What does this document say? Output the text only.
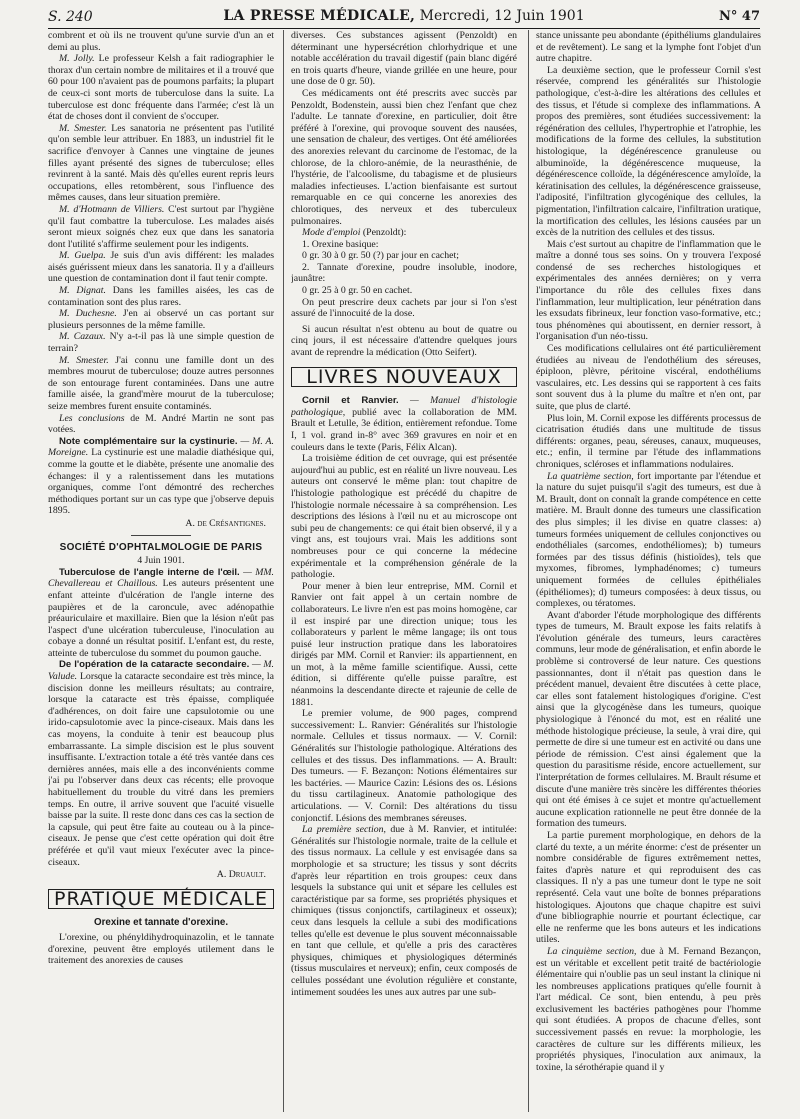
S. 240	LA PRESSE MÉDICALE, Mercredi, 12 Juin 1901	N° 47

combrent et où ils ne trouvent qu'une survie d'un an et demi au plus.

M. Jolly. Le professeur Kelsh a fait radiographier le thorax d'un certain nombre de militaires et il a trouvé que 60 pour 100 n'avaient pas de poumons parfaits; la plupart de ceux-ci sont morts de tuberculose dans la suite. La tuberculose est donc fréquente dans l'armée; c'est là un état de choses dont il convient de s'occuper.

M. Smester. Les sanatoria ne présentent pas l'utilité qu'on semble leur attribuer. En 1883, un industriel fit le sacrifice d'envoyer à Cannes une vingtaine de jeunes filles ayant présenté des signes de tuberculose; elles revinrent à la santé. Mais dès qu'elles eurent repris leurs occupations, elles retombèrent, sous l'influence des mêmes causes, dans leur situation première.

M. d'Hotmann de Villiers. C'est surtout par l'hygiène qu'il faut combattre la tuberculose. Les malades aisés seront mieux soignés chez eux que dans les sanatoria dont l'utilité s'affirme seulement pour les indigents.

M. Guelpa. Je suis d'un avis différent: les malades aisés guérissent mieux dans les sanatoria. Il y a d'ailleurs une question de contamination dont il faut tenir compte.

M. Dignat. Dans les familles aisées, les cas de contamination sont des plus rares.

M. Duchesne. J'en ai observé un cas portant sur plusieurs personnes de la même famille.

M. Cazaux. N'y a-t-il pas là une simple question de terrain?

M. Smester. J'ai connu une famille dont un des membres mourut de tuberculose; douze autres personnes de son entourage furent contaminées. Dans une autre famille aisée, la grand'mère mourut de la tuberculose; seize membres furent ensuite contaminés.

Les conclusions de M. André Martin ne sont pas votées.

Note complémentaire sur la cystinurie. — M. A. Moreigne. La cystinurie est une maladie diathésique qui, comme la goutte et le diabète, présente une anomalie des échanges: il y a ralentissement dans les mutations organiques, comme l'ont démontré des recherches méthodiques portant sur un cas type que j'observe depuis 1895.

A. de Crésantignes.

SOCIÉTÉ D'OPHTALMOLOGIE DE PARIS

4 Juin 1901.

Tuberculose de l'angle interne de l'œil. — MM. Chevallereau et Chaillous. Les auteurs présentent une enfant atteinte d'ulcération de l'angle interne des paupières et de la caroncule, avec adénopathie préauriculaire et maxillaire. Bien que la lésion n'eût pas l'aspect d'une ulcération tuberculeuse, l'inoculation au cobaye a donné un résultat positif. L'enfant est, du reste, atteinte de tuberculose du sommet du poumon gauche.

De l'opération de la cataracte secondaire. — M. Valude. Lorsque la cataracte secondaire est très mince, la discision donne les meilleurs résultats; au contraire, lorsque la cataracte est très épaisse, compliquée d'adhérences, on doit faire une capsulotomie ou une irido-capsulotomie avec la pince-ciseaux. Mais dans les cas moyens, la conduite à tenir est beaucoup plus embarrassante. La simple discision est le plus souvent insuffisante. L'extraction totale a été très vantée dans ces dernières années, mais elle a des inconvénients comme j'ai pu l'observer dans deux cas récents; elle provoque habituellement du trouble du vitré dans les premiers temps. En outre, il arrive souvent que l'acuité visuelle baisse par la suite. Il reste donc dans ces cas la section de la capsule, qui peut être faite au couteau ou à la pince-ciseaux. Je pense que c'est cette opération qui doit être préférée et qu'il vaut mieux l'exécuter avec la pince-ciseaux.

A. Druault.

PRATIQUE MÉDICALE

Orexine et tannate d'orexine.

L'orexine, ou phényldihydroquinazolin, et le tannate d'orexine, peuvent être employés utilement dans le traitement des anorexies de causes

diverses. Ces substances agissent (Penzoldt) en déterminant une hypersécrétion chlorhydrique et une notable accélération du travail digestif (pain blanc digéré en trois quarts d'heure, viande grillée en une heure, pour une dose de 0 gr. 50).

Ces médicaments ont été prescrits avec succès par Penzoldt, Bodenstein, aussi bien chez l'enfant que chez l'adulte. Le tannate d'orexine, en particulier, doit être préféré à l'orexine, qui provoque souvent des nausées, une sensation de chaleur, des vertiges. Ont été améliorées des anorexies relevant du carcinome de l'estomac, de la chlorose, de la chloro-anémie, de la neurasthénie, de l'hystérie, de l'alcoolisme, du tabagisme et de plusieurs maladies infectieuses. L'action bienfaisante est surtout remarquable en ce qui concerne les anorexies des chlorotiques, des nerveux et des tuberculeux pulmonaires.

Mode d'emploi (Penzoldt):

1. Orexine basique:

0 gr. 30 à 0 gr. 50 (?) par jour en cachet;

2. Tannate d'orexine, poudre insoluble, inodore, jaunâtre:

0 gr. 25 à 0 gr. 50 en cachet.

On peut prescrire deux cachets par jour si l'on s'est assuré de l'innocuité de la dose.

Si aucun résultat n'est obtenu au bout de quatre ou cinq jours, il est nécessaire d'attendre quelques jours avant de reprendre la médication (Otto Seifert).

LIVRES NOUVEAUX

Cornil et Ranvier. — Manuel d'histologie pathologique, publié avec la collaboration de MM. Brault et Letulle, 3e édition, entièrement refondue. Tome I, 1 vol. grand in-8° avec 369 gravures en noir et en couleurs dans le texte (Paris, Félix Alcan).

La troisième édition de cet ouvrage, qui est présentée aujourd'hui au public, est en réalité un livre nouveau. Les auteurs ont conservé le même plan: tout chapitre de l'histologie pathologique est précédé du chapitre de l'histologie normale nécessaire à sa compréhension. Les descriptions des lésions à l'œil nu et au microscope ont subi peu de changements: ce qui était bien observé, il y a vingt ans, est toujours vrai. Mais les additions sont nombreuses pour ce qui concerne la médecine expérimentale et la compréhension générale de la pathologie.

Pour mener à bien leur entreprise, MM. Cornil et Ranvier ont fait appel à un certain nombre de collaborateurs. Le livre n'en est pas moins homogène, car il est inspiré par une direction unique; tous les collaborateurs y parlent le même langage; ils ont tous puisé leur instruction pratique dans les laboratoires dirigés par MM. Cornil et Ranvier: ils appartiennent, en un mot, à la même famille scientifique. Aussi, cette édition, si différente qu'elle puisse paraître, est néanmoins la descendante directe et rajeunie de celle de 1881.

Le premier volume, de 900 pages, comprend successivement: L. Ranvier: Généralités sur l'histologie normale. Cellules et tissus normaux. — V. Cornil: Généralités sur l'histologie pathologique. Altérations des cellules et des tissus. Des inflammations. — A. Brault: Des tumeurs. — F. Bezançon: Notions élémentaires sur les bactéries. — Maurice Cazin: Lésions des os. Lésions du tissu cartilagineux. Anatomie pathologique des articulations. — V. Cornil: Des altérations du tissu conjonctif. Lésions des membranes séreuses.

La première section, due à M. Ranvier, et intitulée: Généralités sur l'histologie normale, traite de la cellule et des tissus normaux. La cellule y est envisagée dans sa morphologie et sa structure; les tissus y sont décrits d'après leur répartition en trois groupes: ceux dans lesquels la substance qui unit et sépare les cellules est caractéristique par sa forme, ses propriétés physiques et chimiques (tissus conjonctifs, cartilagineux et osseux); ceux dans lesquels la cellule a subi des modifications telles qu'elle est devenue le plus souvent méconnaissable en tant que cellule, et qu'elle a pris des caractères physiques, chimiques et physiologiques déterminés (tissus musculaires et nerveux); enfin, ceux composés de cellules possédant une évolution régulière et constante, intimement soudées les unes aux autres par une sub-

stance unissante peu abondante (épithéliums glandulaires et de revêtement). Le sang et la lymphe font l'objet d'un autre chapitre.

La deuxième section, que le professeur Cornil s'est réservée, comprend les généralités sur l'histologie pathologique, c'est-à-dire les altérations des cellules et des tissus, et l'étude si complexe des inflammations. A propos des premières, sont étudiées successivement: la régénération des cellules, l'hypertrophie et l'atrophie, les modifications de la forme des cellules, la substitution histologique, la dégénérescence granuleuse ou albuminoïde, la dégénérescence muqueuse, la dégénérescence colloïde, la dégénérescence amyloïde, la kératinisation des cellules, la dégénérescence graisseuse, l'adiposité, l'infiltration glycogénique des cellules, la pigmentation, l'infiltration calcaire, l'infiltration uratique, la mortification des cellules, les lésions causées par un excès de la nutrition des cellules et des tissus.

Mais c'est surtout au chapitre de l'inflammation que le maître a donné tous ses soins. On y trouvera l'exposé condensé de ses recherches histologiques et expérimentales des années dernières; on y verra l'importance du rôle des cellules fixes dans l'inflammation, leur multiplication, leur pénétration dans les exsudats fibrineux, leur fonction vaso-formative, etc.; tous phénomènes qui aboutissent, en dernier ressort, à l'organisation d'un néo-tissu.

Ces modifications cellulaires ont été particulièrement étudiées au niveau de l'endothélium des séreuses, épiploon, plèvre, péritoine viscéral, endothéliums vasculaires, etc. Les dessins qui se rapportent à ces faits sont souvent dus à la plume du maître et n'en ont, par suite, que plus de clarté.

Plus loin, M. Cornil expose les différents processus de cicatrisation étudiés dans une multitude de tissus différents: organes, peau, séreuses, canaux, muqueuses, etc.; enfin, il termine par l'étude des inflammations chroniques, scléroses et inflammations nodulaires.

La quatrième section, fort importante par l'étendue et la nature du sujet puisqu'il s'agit des tumeurs, est due à M. Brault, dont on connaît la grande compétence en cette matière. M. Brault donne des tumeurs une classification des plus simples; il les divise en quatre classes: a) tumeurs formées uniquement de cellules conjonctives ou endothéliales (sarcomes, endothéliomes); b) tumeurs formées par des tissus définis (histioïdes), tels que myxomes, fibromes, lymphadénomes; c) tumeurs uniquement formées de cellules épithéliales (épithéliomes); d) tumeurs composées: à deux tissus, ou complexes, ou tératomes.

Avant d'aborder l'étude morphologique des différents types de tumeurs, M. Brault expose les faits relatifs à l'évolution générale des tumeurs, leurs caractères communs, leur mode de généralisation, et enfin aborde le problème si controversé de leur nature. Ces questions passionnantes, dont il n'était pas question dans le précédent manuel, devaient être discutées à cette place, car elles sont fatalement histologiques d'origine. C'est ainsi que la glycogénèse dans les tumeurs, quoique physiologique à l'énoncé du mot, est en réalité une méthode histologique précieuse, la seule, à vrai dire, qui permette de dire si une tumeur est en activité ou dans une période de rémission. C'est ainsi également que la question du parasitisme réside, encore actuellement, sur l'interprétation de formes cellulaires. M. Brault résume et discute d'une manière très sincère les différentes théories qui ont été émises à ce sujet et montre qu'actuellement aucune explication rationnelle ne peut être donnée de la formation des tumeurs.

La partie purement morphologique, en dehors de la clarté du texte, a un mérite énorme: c'est de présenter un nombre considérable de figures extrêmement nettes, faites d'après nature et qui reproduisent des cas classiques. Il n'y a pas une tumeur dont le type ne soit représenté. Cela vaut une boîte de bonnes préparations histologiques. Ajoutons que chaque chapitre est suivi d'une bibliographie nourrie et pourtant éclectique, car elle ne renferme que les bons auteurs et les indications utiles.

La cinquième section, due à M. Fernand Bezançon, est un véritable et excellent petit traité de bactériologie élémentaire qui n'oublie pas un seul instant la clinique ni les nombreuses applications pratiques qu'elle fournit à l'art médical. Ce sont, bien entendu, à peu près exclusivement les bactéries pathogènes pour l'homme qui sont étudiées. A propos de chacune d'elles, sont successivement passés en revue: la morphologie, les caractères de culture sur les différents milieux, les propriétés physiques, l'inoculation aux animaux, la toxine, la sérothérapie quand il y
